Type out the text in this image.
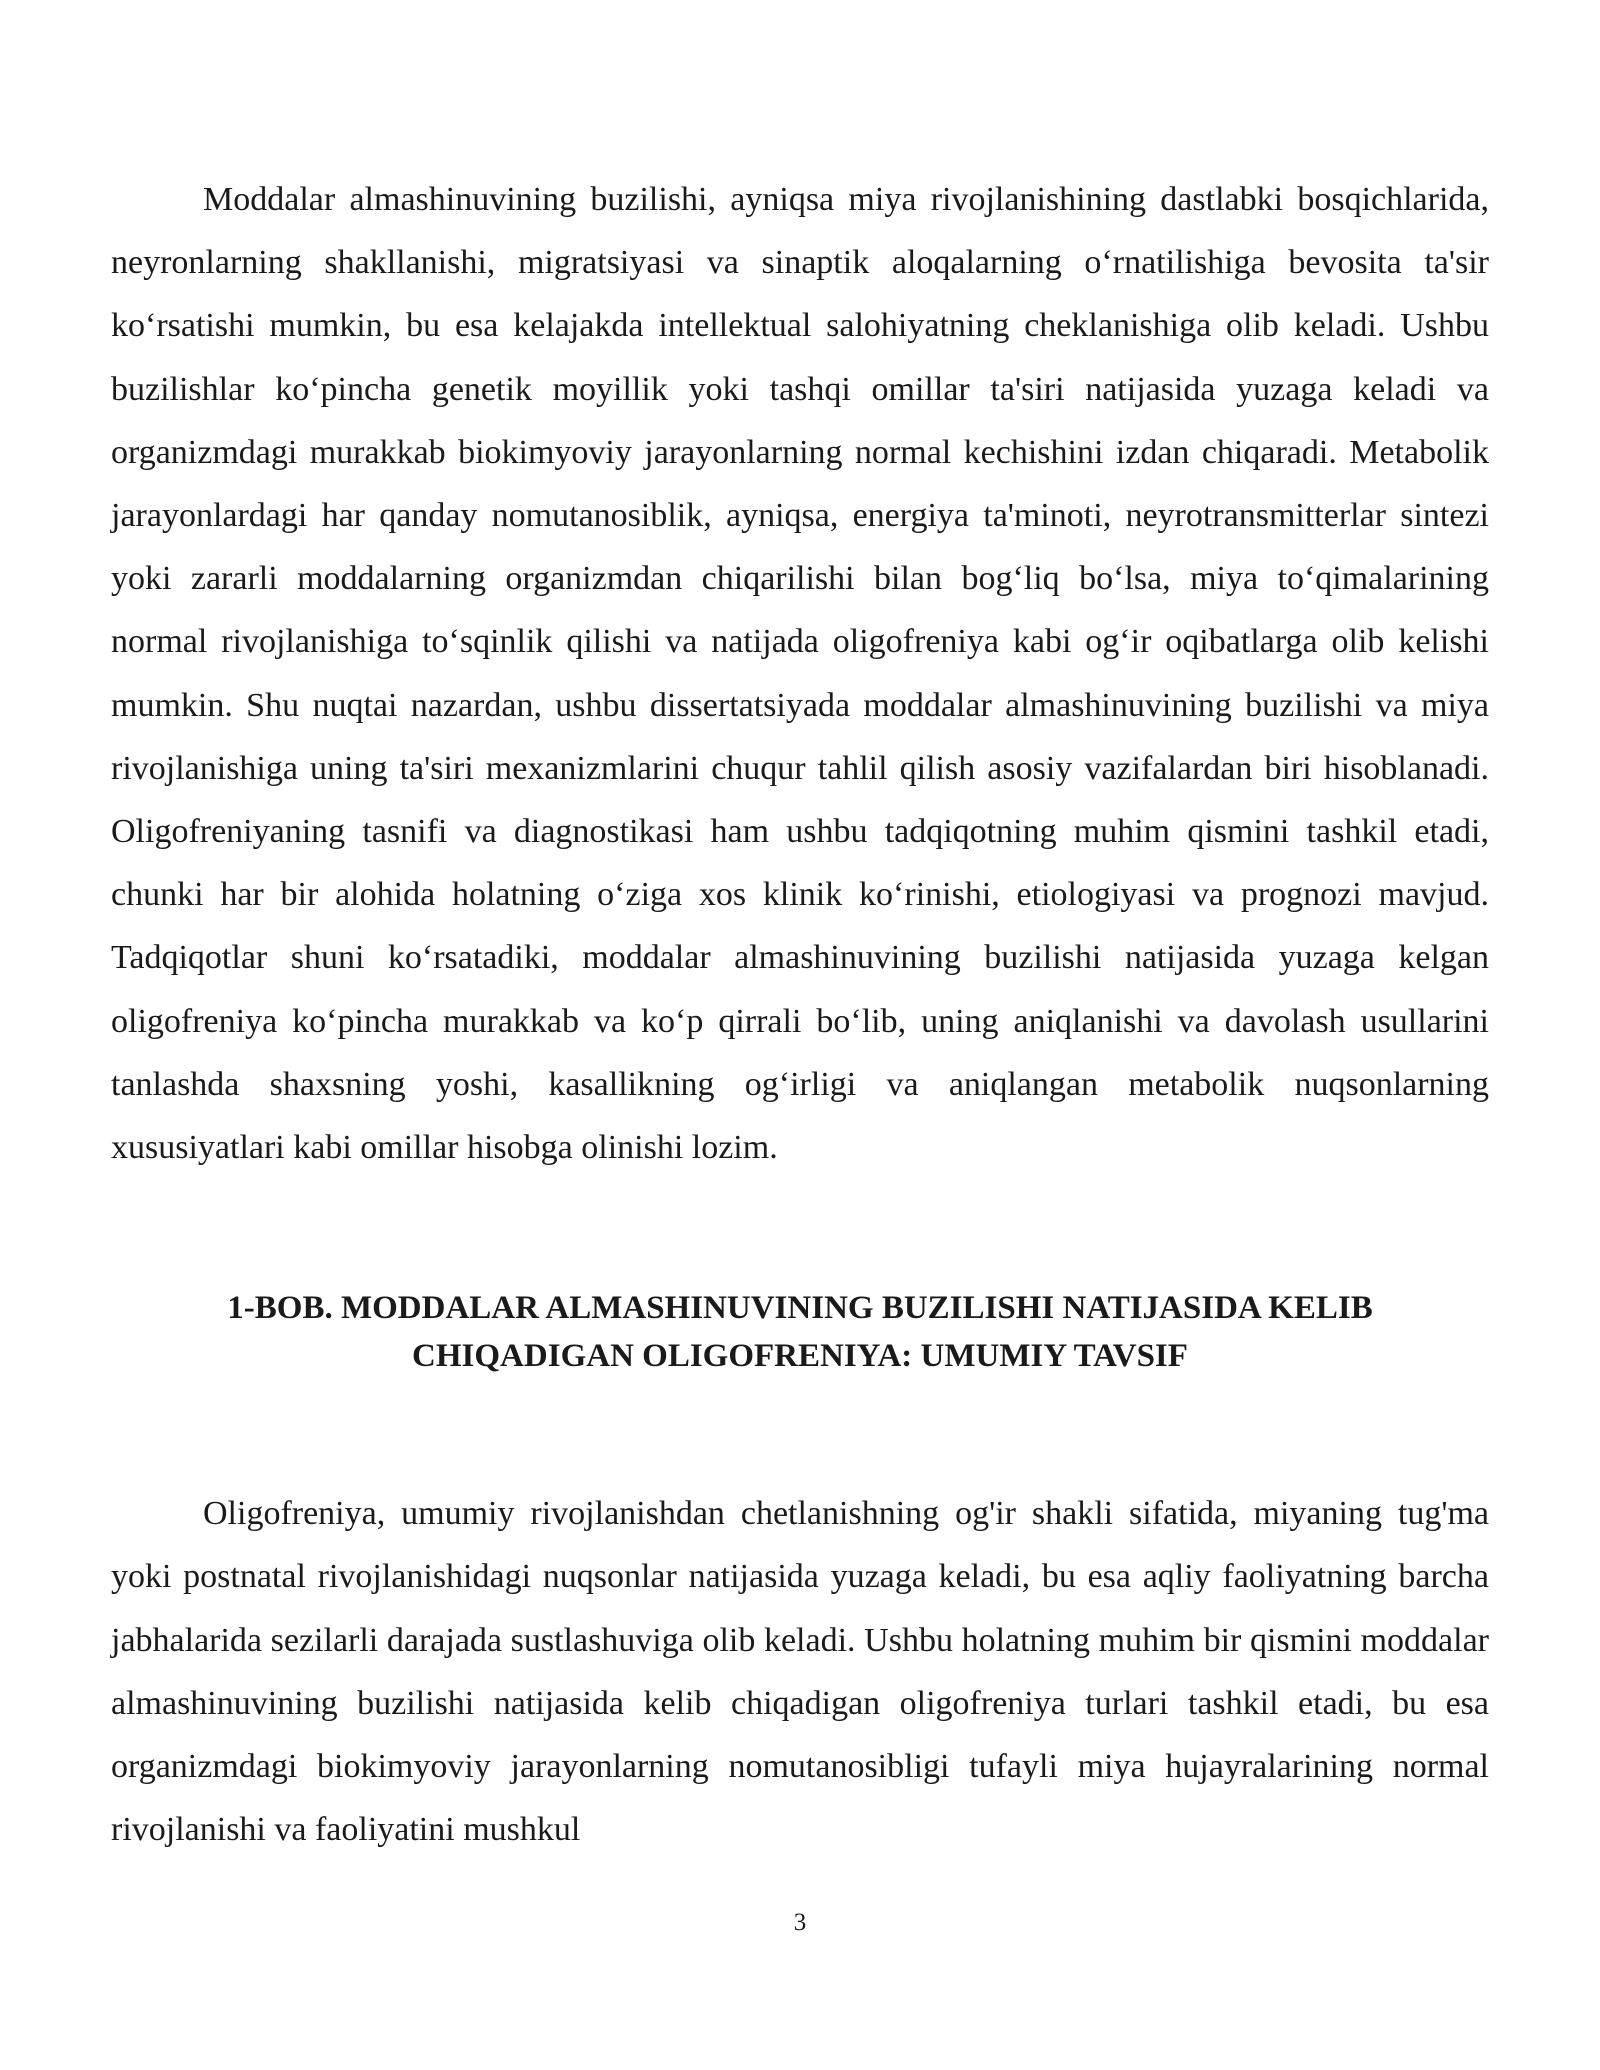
Moddalar almashinuvining buzilishi, ayniqsa miya rivojlanishining dastlabki bosqichlarida, neyronlarning shakllanishi, migratsiyasi va sinaptik aloqalarning oʻrnatilishiga bevosita ta'sir koʻrsatishi mumkin, bu esa kelajakda intellektual salohiyatning cheklanishiga olib keladi. Ushbu buzilishlar koʻpincha genetik moyillik yoki tashqi omillar ta'siri natijasida yuzaga keladi va organizmdagi murakkab biokimyoviy jarayonlarning normal kechishini izdan chiqaradi. Metabolik jarayonlardagi har qanday nomutanosiblik, ayniqsa, energiya ta'minoti, neyrotransmitterlar sintezi yoki zararli moddalarning organizmdan chiqarilishi bilan bogʻliq boʻlsa, miya toʻqimalarining normal rivojlanishiga toʻsqinlik qilishi va natijada oligofreniya kabi ogʻir oqibatlarga olib kelishi mumkin. Shu nuqtai nazardan, ushbu dissertatsiyada moddalar almashinuvining buzilishi va miya rivojlanishiga uning ta'siri mexanizmlarini chuqur tahlil qilish asosiy vazifalardan biri hisoblanadi. Oligofreniyaning tasnifi va diagnostikasi ham ushbu tadqiqotning muhim qismini tashkil etadi, chunki har bir alohida holatning oʻziga xos klinik koʻrinishi, etiologiyasi va prognozi mavjud. Tadqiqotlar shuni koʻrsatadiki, moddalar almashinuvining buzilishi natijasida yuzaga kelgan oligofreniya koʻpincha murakkab va koʻp qirrali boʻlib, uning aniqlanishi va davolash usullarini tanlashda shaxsning yoshi, kasallikning ogʻirligi va aniqlangan metabolik nuqsonlarning xususiyatlari kabi omillar hisobga olinishi lozim.

1-BOB. MODDALAR ALMASHINUVINING BUZILISHI NATIJASIDA KELIB
CHIQADIGAN OLIGOFRENIYA: UMUMIY TAVSIF

Oligofreniya, umumiy rivojlanishdan chetlanishning og'ir shakli sifatida, miyaning tug'ma yoki postnatal rivojlanishidagi nuqsonlar natijasida yuzaga keladi, bu esa aqliy faoliyatning barcha jabhalarida sezilarli darajada sustlashuviga olib keladi. Ushbu holatning muhim bir qismini moddalar almashinuvining buzilishi natijasida kelib chiqadigan oligofreniya turlari tashkil etadi, bu esa organizmdagi biokimyoviy jarayonlarning nomutanosibligi tufayli miya hujayralarining normal rivojlanishi va faoliyatini mushkul

3
